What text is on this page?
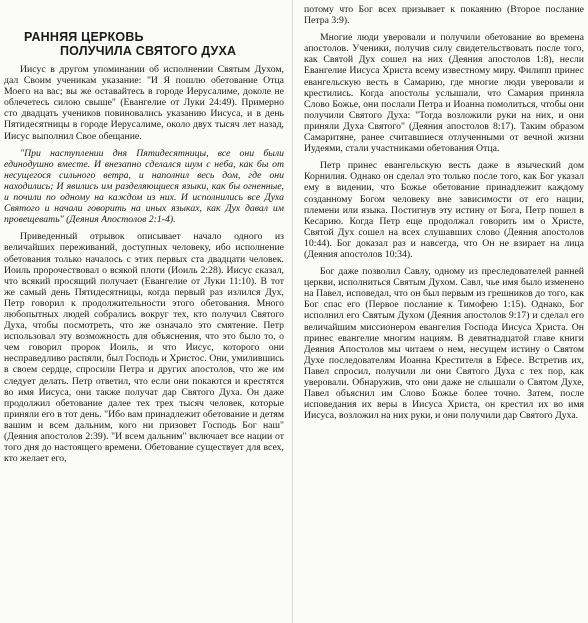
РАННЯЯ ЦЕРКОВЬ
ПОЛУЧИЛА СВЯТОГО ДУХА

Иисус в другом упоминании об исполнении Святым Духом, дал Своим ученикам указание: "И Я пошлю обетование Отца Моего на вас; вы же оставайтесь в городе Иерусалиме, доколе не облечетесь силою свыше" (Евангелие от Луки 24:49). Примерно сто двадцать учеников повиновались указанию Иисуса, и в день Пятидесятницы в городе Иерусалиме, около двух тысяч лет назад, Иисус выполнил Свое обещание.

"При наступлении дня Пятидесятницы, все они были единодушно вместе. И внезапно сделался шум с неба, как бы от несущегося сильного ветра, и наполнил весь дом, где они находились; И явились им разделяющиеся языки, как бы огненные, и почили по одному на каждом из них. И исполнились все Духа Святого и начали говорить на иных языках, как Дух давал им провещевать" (Деяния Апостолов 2:1-4).

Приведенный отрывок описывает начало одного из величайших переживаний, доступных человеку, ибо исполнение обетования только началось с этих первых ста двадцати человек. Иоиль пророчествовал о всякой плоти (Иоиль 2:28). Иисус сказал, что всякий просящий получает (Евангелие от Луки 11:10). В тот же самый день Пятидесятницы, когда первый раз излился Дух, Петр говорил к продолжительности этого обетования. Много любопытных людей собрались вокруг тех, кто получил Святого Духа, чтобы посмотреть, что же означало это смятение. Петр использовал эту возможность для объяснения, что это было то, о чем говорил пророк Иоиль, и что Иисус, которого они несправедливо распяли, был Господь и Христос. Они, умилившись в своем сердце, спросили Петра и других апостолов, что же им следует делать. Петр ответил, что если они покаются и крестятся во имя Иисуса, они также получат дар Святого Духа. Он даже продолжил обетование далее тех трех тысяч человек, которые приняли его в тот день. "Ибо вам принадлежит обетование и детям вашим и всем дальним, кого ни призовет Господь Бог наш" (Деяния апостолов 2:39). "И всем дальним" включает все нации от того дня до настоящего времени. Обетование существует для всех, кто желает его,

потому что Бог всех призывает к покаянию (Второе послание Петра 3:9).

Многие люди уверовали и получили обетование во времена апостолов. Ученики, получив силу свидетельствовать после того, как Святой Дух сошел на них (Деяния апостолов 1:8), несли Евангелие Иисуса Христа всему известному миру. Филипп принес евангельскую весть в Самарию, где многие люди уверовали и крестились. Когда апостолы услышали, что Самария приняла Слово Божье, они послали Петра и Иоанна помолиться, чтобы они получили Святого Духа: "Тогда возложили руки на них, и они приняли Духа Святого" (Деяния апостолов 8:17). Таким образом Самаритяне, ранее считавшиеся отлученными от вечной жизни Иудеями, стали участниками обетования Отца.

Петр принес евангельскую весть даже в языческий дом Корнилия. Однако он сделал это только после того, как Бог указал ему в видении, что Божье обетование принадлежит каждому созданному Богом человеку вне зависимости от его нации, племени или языка. Постигнув эту истину от Бога, Петр пошел в Кесарию. Когда Петр еще продолжал говорить им о Христе, Святой Дух сошел на всех слушавших слово (Деяния апостолов 10:44). Бог доказал раз и навсегда, что Он не взирает на лица (Деяния апостолов 10:34).

Бог даже позволил Савлу, одному из преследователей ранней церкви, исполниться Святым Духом. Савл, чье имя было изменено на Павел, исповедал, что он был первым из грешников до того, как Бог спас его (Первое послание к Тимофею 1:15). Однако, Бог исполнил его Святым Духом (Деяния апостолов 9:17) и сделал его величайшим миссионером евангелия Господа Иисуса Христа. Он принес евангелие многим нациям. В девятнадцатой главе книги Деяния Апостолов мы читаем о нем, несущем истину о Святом Духе последователям Иоанна Крестителя в Ефесе. Встретив их, Павел спросил, получили ли они Святого Духа с тех пор, как уверовали. Обнаружив, что они даже не слышали о Святом Духе, Павел объяснил им Слово Божье более точно. Затем, после исповедания их веры в Иисуса Христа, он крестил их во имя Иисуса, возложил на них руки, и они получили дар Святого Духа.
